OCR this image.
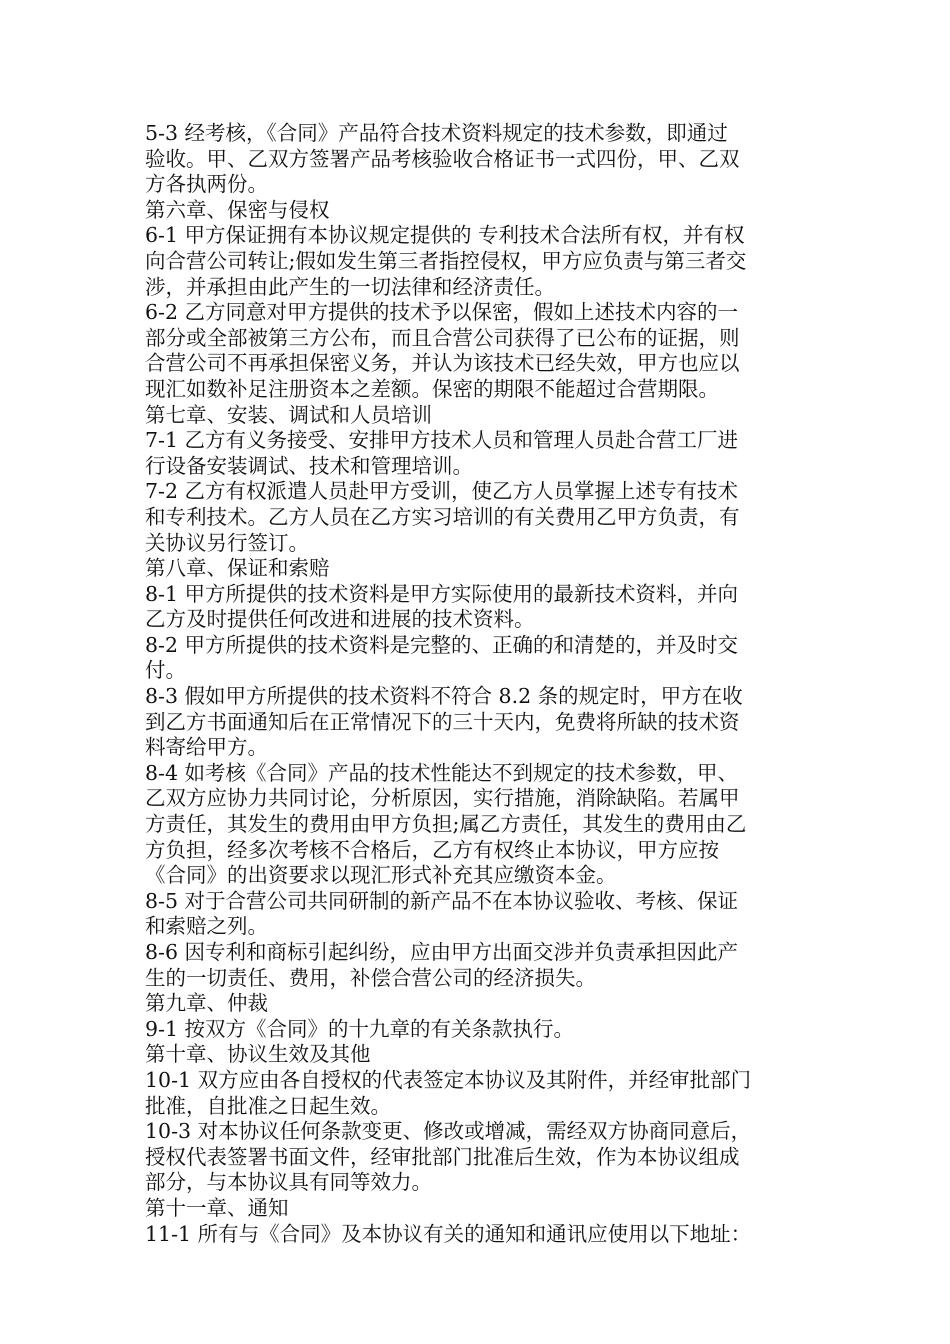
5-3 经考核，《合同》产品符合技术资料规定的技术参数，即通过
验收。甲、乙双方签署产品考核验收合格证书一式四份，甲、乙双
方各执两份。
第六章、保密与侵权
6-1 甲方保证拥有本协议规定提供的 专利技术合法所有权，并有权
向合营公司转让;假如发生第三者指控侵权，甲方应负责与第三者交
涉，并承担由此产生的一切法律和经济责任。
6-2 乙方同意对甲方提供的技术予以保密，假如上述技术内容的一
部分或全部被第三方公布，而且合营公司获得了已公布的证据，则
合营公司不再承担保密义务，并认为该技术已经失效，甲方也应以
现汇如数补足注册资本之差额。保密的期限不能超过合营期限。
第七章、安装、调试和人员培训
7-1 乙方有义务接受、安排甲方技术人员和管理人员赴合营工厂进
行设备安装调试、技术和管理培训。
7-2 乙方有权派遣人员赴甲方受训，使乙方人员掌握上述专有技术
和专利技术。乙方人员在乙方实习培训的有关费用乙甲方负责，有
关协议另行签订。
第八章、保证和索赔
8-1 甲方所提供的技术资料是甲方实际使用的最新技术资料，并向
乙方及时提供任何改进和进展的技术资料。
8-2 甲方所提供的技术资料是完整的、正确的和清楚的，并及时交
付。
8-3 假如甲方所提供的技术资料不符合 8.2 条的规定时，甲方在收
到乙方书面通知后在正常情况下的三十天内，免费将所缺的技术资
料寄给甲方。
8-4 如考核《合同》产品的技术性能达不到规定的技术参数，甲、
乙双方应协力共同讨论，分析原因，实行措施，消除缺陷。若属甲
方责任，其发生的费用由甲方负担;属乙方责任，其发生的费用由乙
方负担，经多次考核不合格后，乙方有权终止本协议，甲方应按
《合同》的出资要求以现汇形式补充其应缴资本金。
8-5 对于合营公司共同研制的新产品不在本协议验收、考核、保证
和索赔之列。
8-6 因专利和商标引起纠纷，应由甲方出面交涉并负责承担因此产
生的一切责任、费用，补偿合营公司的经济损失。
第九章、仲裁
9-1 按双方《合同》的十九章的有关条款执行。
第十章、协议生效及其他
10-1 双方应由各自授权的代表签定本协议及其附件，并经审批部门
批准，自批准之日起生效。
10-3 对本协议任何条款变更、修改或增减，需经双方协商同意后，
授权代表签署书面文件，经审批部门批准后生效，作为本协议组成
部分，与本协议具有同等效力。
第十一章、通知
11-1 所有与《合同》及本协议有关的通知和通讯应使用以下地址：
